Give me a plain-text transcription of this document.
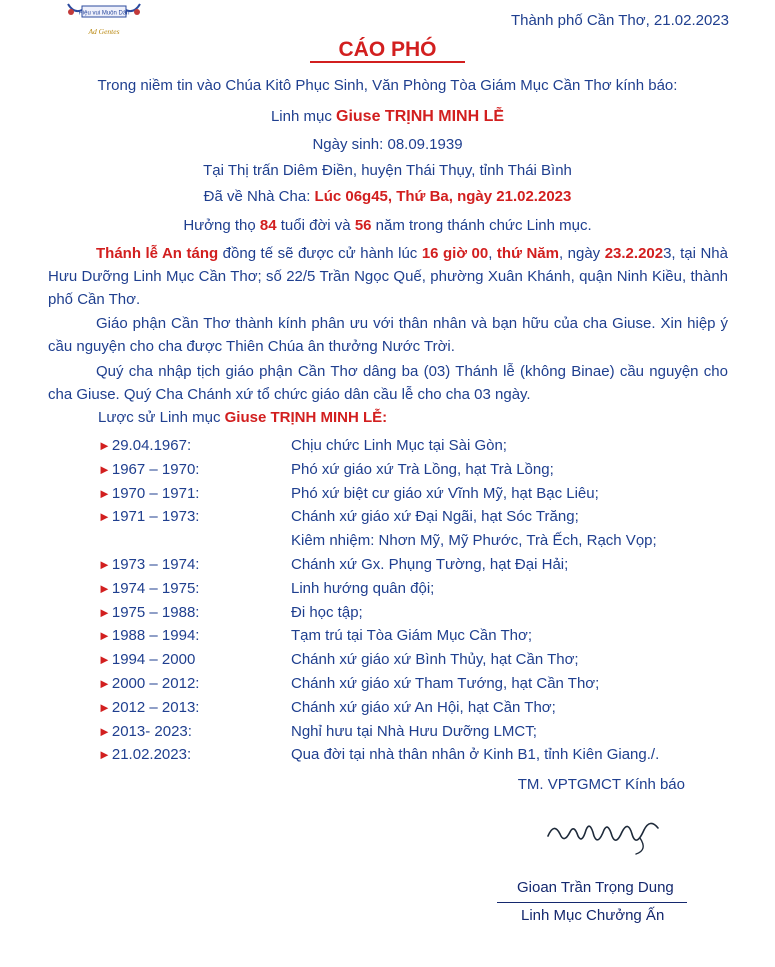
Hiệu vui Muôn Dân
Ad Gentes
Thành phố Cần Thơ, 21.02.2023
CÁO PHÓ
Trong niềm tin vào Chúa Kitô Phục Sinh, Văn Phòng Tòa Giám Mục Cần Thơ kính báo:
Linh mục Giuse TRỊNH MINH LỄ
Ngày sinh: 08.09.1939
Tại Thị trấn Diêm Điền, huyện Thái Thụy, tỉnh Thái Bình
Đã về Nhà Cha: Lúc 06g45, Thứ Ba, ngày 21.02.2023
Hưởng thọ 84 tuổi đời và 56 năm trong thánh chức Linh mục.
Thánh lễ An táng đồng tế sẽ được cử hành lúc 16 giờ 00, thứ Năm, ngày 23.2.2023, tại Nhà Hưu Dưỡng Linh Mục Cần Thơ; số 22/5 Trần Ngọc Quế, phường Xuân Khánh, quận Ninh Kiều, thành phố Cần Thơ.
Giáo phận Cần Thơ thành kính phân ưu với thân nhân và bạn hữu của cha Giuse. Xin hiệp ý cầu nguyện cho cha được Thiên Chúa ân thưởng Nước Trời.
Quý cha nhập tịch giáo phận Cần Thơ dâng ba (03) Thánh lễ (không Binae) cầu nguyện cho cha Giuse. Quý Cha Chánh xứ tổ chức giáo dân cầu lễ cho cha 03 ngày.
Lược sử Linh mục Giuse TRỊNH MINH LỄ:
►29.04.1967:	Chịu chức Linh Mục tại Sài Gòn;
►1967 – 1970:	Phó xứ giáo xứ Trà Lồng, hạt Trà Lồng;
►1970 – 1971:	Phó xứ biệt cư giáo xứ Vĩnh Mỹ, hạt Bạc Liêu;
►1971 – 1973:	Chánh xứ giáo xứ Đại Ngãi, hạt Sóc Trăng;
Kiêm nhiệm: Nhơn Mỹ, Mỹ Phước, Trà Ếch, Rạch Vọp;
►1973 – 1974:	Chánh xứ Gx. Phụng Tường, hạt Đại Hải;
►1974 – 1975:	Linh hướng quân đội;
►1975 – 1988:	Đi học tập;
►1988 – 1994:	Tạm trú tại Tòa Giám Mục Cần Thơ;
►1994 – 2000	Chánh xứ giáo xứ Bình Thủy, hạt Cần Thơ;
►2000 – 2012:	Chánh xứ giáo xứ Tham Tướng, hạt Cần Thơ;
►2012 – 2013:	Chánh xứ giáo xứ An Hội, hạt Cần Thơ;
►2013- 2023:	Nghỉ hưu tại Nhà Hưu Dưỡng LMCT;
►21.02.2023:	Qua đời tại nhà thân nhân ở Kinh B1, tỉnh Kiên Giang./.
TM. VPTGMCT Kính báo
Gioan Trần Trọng Dung
Linh Mục Chưởng Ấn
